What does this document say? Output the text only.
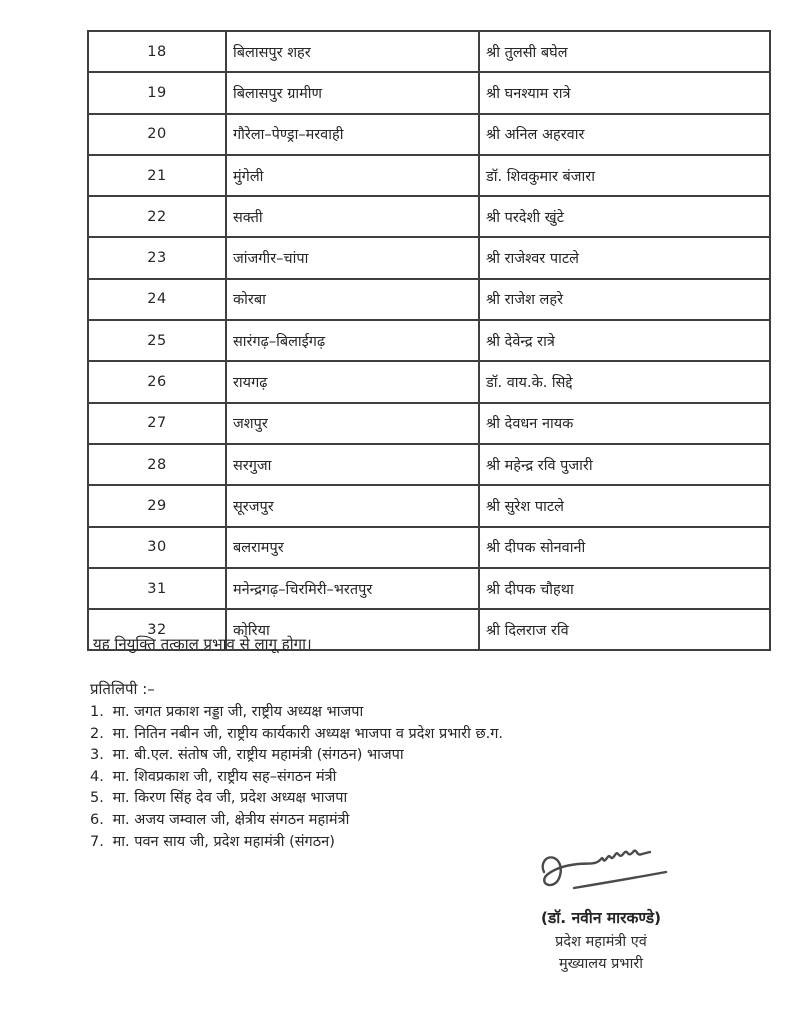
18	बिलासपुर शहर	श्री तुलसी बघेल
19	बिलासपुर ग्रामीण	श्री घनश्याम रात्रे
20	गौरेला–पेण्ड्रा–मरवाही	श्री अनिल अहरवार
21	मुंगेली	डॉ. शिवकुमार बंजारा
22	सक्ती	श्री परदेशी खुंटे
23	जांजगीर–चांपा	श्री राजेश्वर पाटले
24	कोरबा	श्री राजेश लहरे
25	सारंगढ़–बिलाईगढ़	श्री देवेन्द्र रात्रे
26	रायगढ़	डॉ. वाय.के. सिद्दे
27	जशपुर	श्री देवधन नायक
28	सरगुजा	श्री महेन्द्र रवि पुजारी
29	सूरजपुर	श्री सुरेश पाटले
30	बलरामपुर	श्री दीपक सोनवानी
31	मनेन्द्रगढ़–चिरमिरी–भरतपुर	श्री दीपक चौहथा
32	कोरिया	श्री दिलराज रवि
यह नियुक्ति तत्काल प्रभाव से लागू होगा।
प्रतिलिपी :–
1. मा. जगत प्रकाश नड्डा जी, राष्ट्रीय अध्यक्ष भाजपा
2. मा. नितिन नबीन जी, राष्ट्रीय कार्यकारी अध्यक्ष भाजपा व प्रदेश प्रभारी छ.ग.
3. मा. बी.एल. संतोष जी, राष्ट्रीय महामंत्री (संगठन) भाजपा
4. मा. शिवप्रकाश जी, राष्ट्रीय सह–संगठन मंत्री
5. मा. किरण सिंह देव जी, प्रदेश अध्यक्ष भाजपा
6. मा. अजय जम्वाल जी, क्षेत्रीय संगठन महामंत्री
7. मा. पवन साय जी, प्रदेश महामंत्री (संगठन)
(डॉ. नवीन मारकण्डे)
प्रदेश महामंत्री एवं
मुख्यालय प्रभारी
